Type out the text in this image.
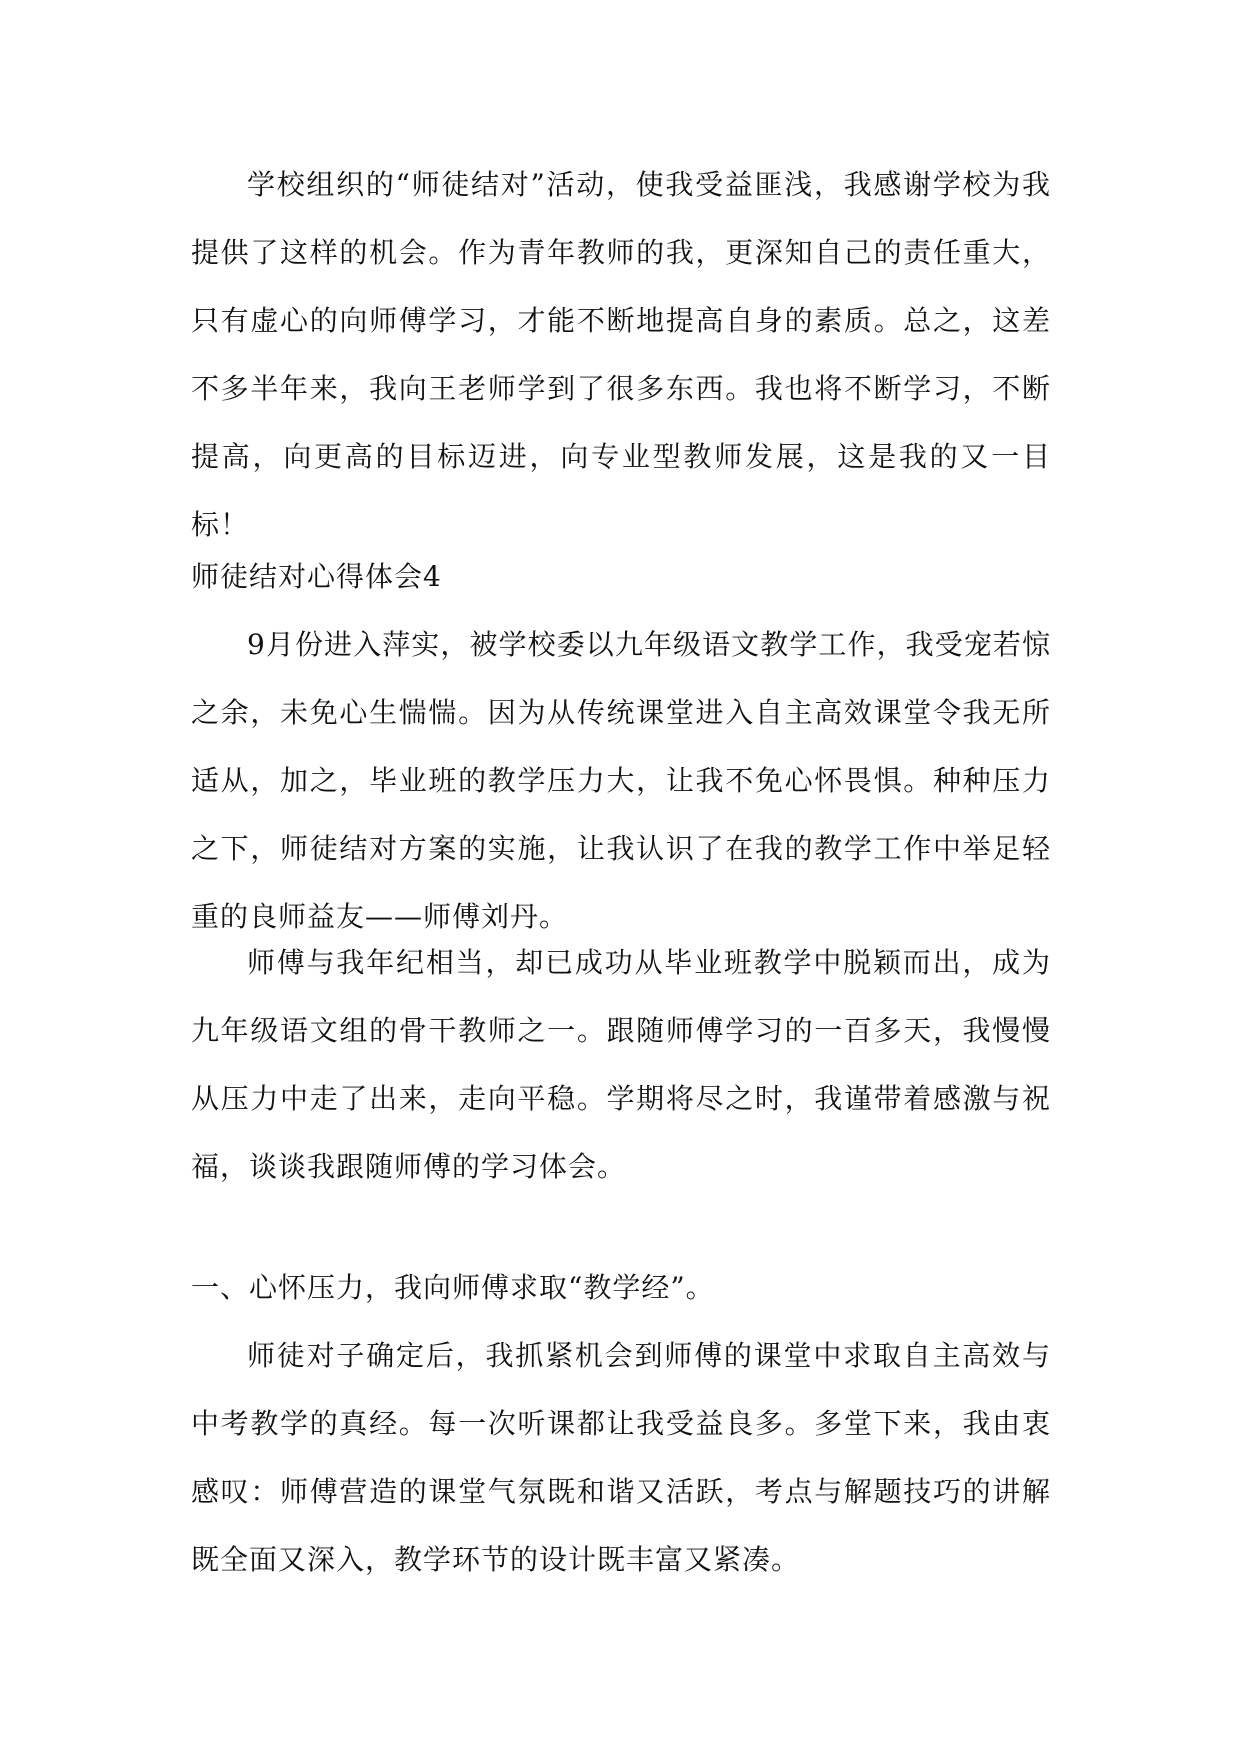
学校组织的“师徒结对”活动，使我受益匪浅，我感谢学校为我提供了这样的机会。作为青年教师的我，更深知自己的责任重大，只有虚心的向师傅学习，才能不断地提高自身的素质。总之，这差不多半年来，我向王老师学到了很多东西。我也将不断学习，不断提高，向更高的目标迈进，向专业型教师发展，这是我的又一目标！

师徒结对心得体会4

9月份进入萍实，被学校委以九年级语文教学工作，我受宠若惊之余，未免心生惴惴。因为从传统课堂进入自主高效课堂令我无所适从，加之，毕业班的教学压力大，让我不免心怀畏惧。种种压力之下，师徒结对方案的实施，让我认识了在我的教学工作中举足轻重的良师益友——师傅刘丹。

师傅与我年纪相当，却已成功从毕业班教学中脱颖而出，成为九年级语文组的骨干教师之一。跟随师傅学习的一百多天，我慢慢从压力中走了出来，走向平稳。学期将尽之时，我谨带着感激与祝福，谈谈我跟随师傅的学习体会。

一、心怀压力，我向师傅求取“教学经”。

师徒对子确定后，我抓紧机会到师傅的课堂中求取自主高效与中考教学的真经。每一次听课都让我受益良多。多堂下来，我由衷感叹：师傅营造的课堂气氛既和谐又活跃，考点与解题技巧的讲解既全面又深入，教学环节的设计既丰富又紧凑。
